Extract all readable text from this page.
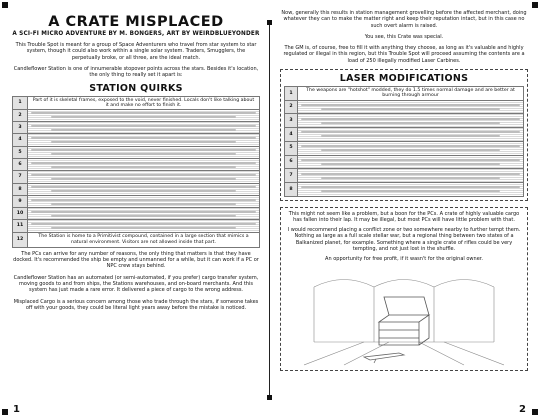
A CRATE MISPLACED
A SCI-FI MICRO ADVENTURE BY M. BONGERS, ART BY WEIRDBLUEYONDER

This Trouble Spot is meant for a group of Space Adventurers who travel from star system to star system, though it could also work within a single solar system. Traders, Smugglers, the perpetually broke, or all three, are the ideal match.

Candleflower Station is one of innumerable stopover points across the stars. Besides it's location, the only thing to really set it apart is:

STATION QUIRKS
1	Part of it is skeletal frames, exposed to the void, never finished. Locals don't like talking about it and make no effort to finish it.
2	

3	

4	

5	

6	

7	

8	

9	

10	

11	

12	The Station is home to a Primitivist compound, contained in a large section that mimics a natural environment. Visitors are not allowed inside that part.

The PCs can arrive for any number of reasons, the only thing that matters is that they have docked. It's recommended the ship be empty and unmanned for a while, but it can work if a PC or NPC crew stays behind.

Candleflower Station has an automated (or semi-automated, if you prefer) cargo transfer system, moving goods to and from ships, the Stations warehouses, and on-board merchants. And this system has just made a rare error. It delivered a piece of cargo to the wrong address.

Misplaced Cargo is a serious concern among those who trade through the stars, if someone takes off with your goods, they could be literal light years away before the mistake is noticed.

1

Now, generally this results in station management grovelling before the affected merchant, doing whatever they can to make the matter right and keep their reputation intact, but in this case no such overt alarm is raised.

You see, this Crate was special.

The GM is, of course, free to fill it with anything they choose, as long as it's valuable and highly regulated or illegal in this region, but this Trouble Spot will proceed assuming the contents are a load of 250 illegally modified Laser Carbines.

LASER MODIFICATIONS
1	The weapons are "hotshot" modded, they do 1.5 times normal damage and are better at burning through armour
2	

3	

4	

5	

6	

7	

8	

This might not seem like a problem, but a boon for the PCs. A crate of highly valuable cargo has fallen into their lap. It may be illegal, but most PCs will have little problem with that.

I would recommend placing a conflict zone or two somewhere nearby to further tempt them. Nothing as large as a full scale stellar war, but a regional thing between two states of a Balkanized planet, for example. Something where a single crate of rifles could be very tempting, and not just lost in the shuffle.

An opportunity for free profit, if it wasn't for the original owner.

2
